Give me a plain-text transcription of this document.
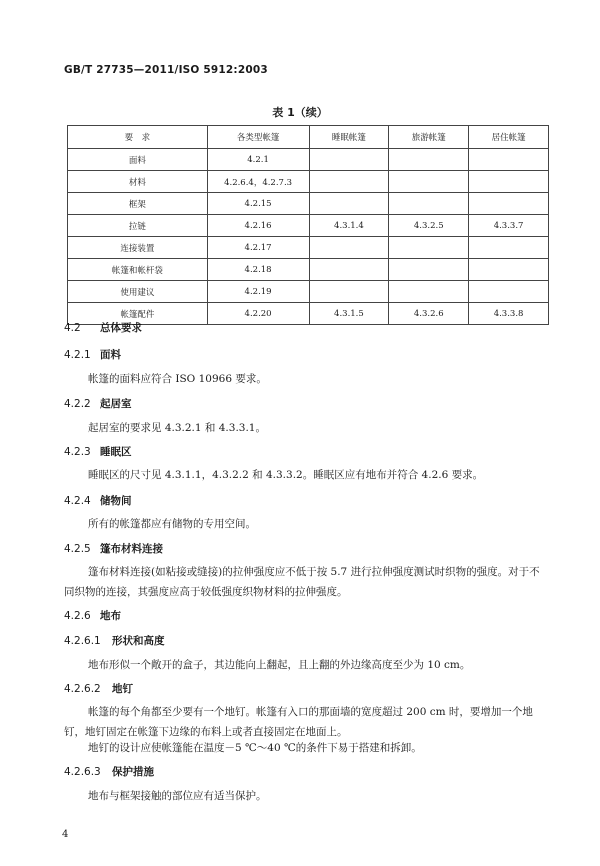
GB/T 27735—2011/ISO 5912:2003
表 1（续）
要　求	各类型帐篷	睡眠帐篷	旅游帐篷	居住帐篷
面料	4.2.1			
材料	4.2.6.4，4.2.7.3			
框架	4.2.15			
拉链	4.2.16	4.3.1.4	4.3.2.5	4.3.3.7
连接装置	4.2.17			
帐篷和帐杆袋	4.2.18			
使用建议	4.2.19			
帐篷配件	4.2.20	4.3.1.5	4.3.2.6	4.3.3.8
4.2 总体要求
4.2.1 面料
帐篷的面料应符合 ISO 10966 要求。
4.2.2 起居室
起居室的要求见 4.3.2.1 和 4.3.3.1。
4.2.3 睡眠区
睡眠区的尺寸见 4.3.1.1，4.3.2.2 和 4.3.3.2。睡眠区应有地布并符合 4.2.6 要求。
4.2.4 储物间
所有的帐篷都应有储物的专用空间。
4.2.5 篷布材料连接
篷布材料连接(如粘接或缝接)的拉伸强度应不低于按 5.7 进行拉伸强度测试时织物的强度。对于不同织物的连接，其强度应高于较低强度织物材料的拉伸强度。
4.2.6 地布
4.2.6.1 形状和高度
地布形似一个敞开的盒子，其边能向上翻起，且上翻的外边缘高度至少为 10 cm。
4.2.6.2 地钉
帐篷的每个角都至少要有一个地钉。帐篷有入口的那面墙的宽度超过 200 cm 时，要增加一个地钉，地钉固定在帐篷下边缘的布料上或者直接固定在地面上。
地钉的设计应使帐篷能在温度－5 ℃～40 ℃的条件下易于搭建和拆卸。
4.2.6.3 保护措施
地布与框架接触的部位应有适当保护。
4
